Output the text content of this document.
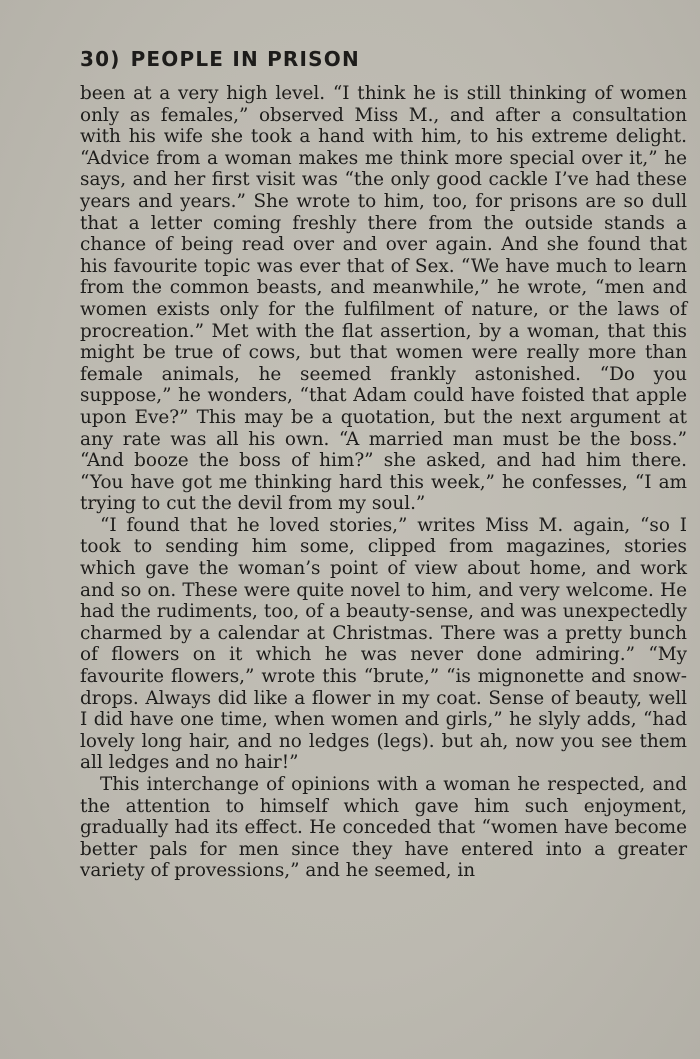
30) PEOPLE IN PRISON

been at a very high level. “I think he is still thinking of women only as females,” observed Miss M., and after a consultation with his wife she took a hand with him, to his extreme delight. “Advice from a woman makes me think more special over it,” he says, and her first visit was “the only good cackle I’ve had these years and years.” She wrote to him, too, for prisons are so dull that a letter coming freshly there from the outside stands a chance of being read over and over again. And she found that his favourite topic was ever that of Sex. “We have much to learn from the common beasts, and meanwhile,” he wrote, “men and women exists only for the fulfilment of nature, or the laws of procreation.” Met with the flat assertion, by a woman, that this might be true of cows, but that women were really more than female animals, he seemed frankly astonished. “Do you suppose,” he wonders, “that Adam could have foisted that apple upon Eve?” This may be a quotation, but the next argument at any rate was all his own. “A married man must be the boss.” “And booze the boss of him?” she asked, and had him there. “You have got me thinking hard this week,” he confesses, “I am trying to cut the devil from my soul.”

“I found that he loved stories,” writes Miss M. again, “so I took to sending him some, clipped from magazines, stories which gave the woman’s point of view about home, and work and so on. These were quite novel to him, and very welcome. He had the rudiments, too, of a beauty-sense, and was unexpectedly charmed by a calendar at Christmas. There was a pretty bunch of flowers on it which he was never done admiring.” “My favourite flowers,” wrote this “brute,” “is mignonette and snow-drops. Always did like a flower in my coat. Sense of beauty, well I did have one time, when women and girls,” he slyly adds, “had lovely long hair, and no ledges (legs). but ah, now you see them all ledges and no hair!”

This interchange of opinions with a woman he respected, and the attention to himself which gave him such enjoyment, gradually had its effect. He conceded that “women have become better pals for men since they have entered into a greater variety of provessions,” and he seemed, in
